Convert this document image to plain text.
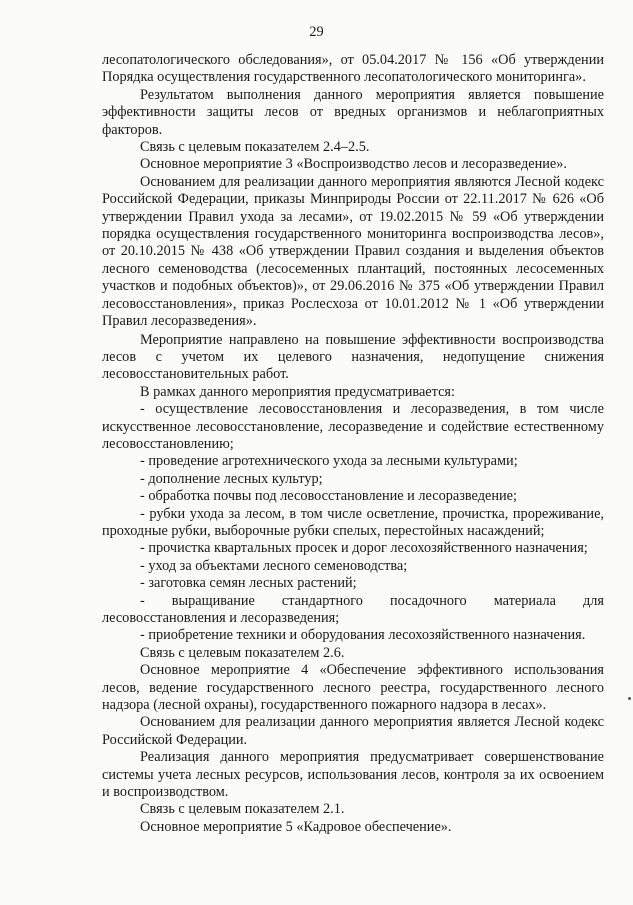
29

лесопатологического обследования», от 05.04.2017 № 156 «Об утверждении Порядка осуществления государственного лесопатологического мониторинга».

Результатом выполнения данного мероприятия является повышение эффективности защиты лесов от вредных организмов и неблагоприятных факторов.

Связь с целевым показателем 2.4–2.5.

Основное мероприятие 3 «Воспроизводство лесов и лесоразведение».

Основанием для реализации данного мероприятия являются Лесной кодекс Российской Федерации, приказы Минприроды России от 22.11.2017 № 626 «Об утверждении Правил ухода за лесами», от 19.02.2015 № 59 «Об утверждении порядка осуществления государственного мониторинга воспроизводства лесов», от 20.10.2015 № 438 «Об утверждении Правил создания и выделения объектов лесного семеноводства (лесосеменных плантаций, постоянных лесосеменных участков и подобных объектов)», от 29.06.2016 № 375 «Об утверждении Правил лесовосстановления», приказ Рослесхоза от 10.01.2012 № 1 «Об утверждении Правил лесоразведения».

Мероприятие направлено на повышение эффективности воспроизводства лесов с учетом их целевого назначения, недопущение снижения лесовосстановительных работ.

В рамках данного мероприятия предусматривается:

- осуществление лесовосстановления и лесоразведения, в том числе искусственное лесовосстановление, лесоразведение и содействие естественному лесовосстановлению;

- проведение агротехнического ухода за лесными культурами;

- дополнение лесных культур;

- обработка почвы под лесовосстановление и лесоразведение;

- рубки ухода за лесом, в том числе осветление, прочистка, прореживание, проходные рубки, выборочные рубки спелых, перестойных насаждений;

- прочистка квартальных просек и дорог лесохозяйственного назначения;

- уход за объектами лесного семеноводства;

- заготовка семян лесных растений;

- выращивание стандартного посадочного материала для лесовосстановления и лесоразведения;

- приобретение техники и оборудования лесохозяйственного назначения.

Связь с целевым показателем 2.6.

Основное мероприятие 4 «Обеспечение эффективного использования лесов, ведение государственного лесного реестра, государственного лесного надзора (лесной охраны), государственного пожарного надзора в лесах».

Основанием для реализации данного мероприятия является Лесной кодекс Российской Федерации.

Реализация данного мероприятия предусматривает совершенствование системы учета лесных ресурсов, использования лесов, контроля за их освоением и воспроизводством.

Связь с целевым показателем 2.1.

Основное мероприятие 5 «Кадровое обеспечение».
